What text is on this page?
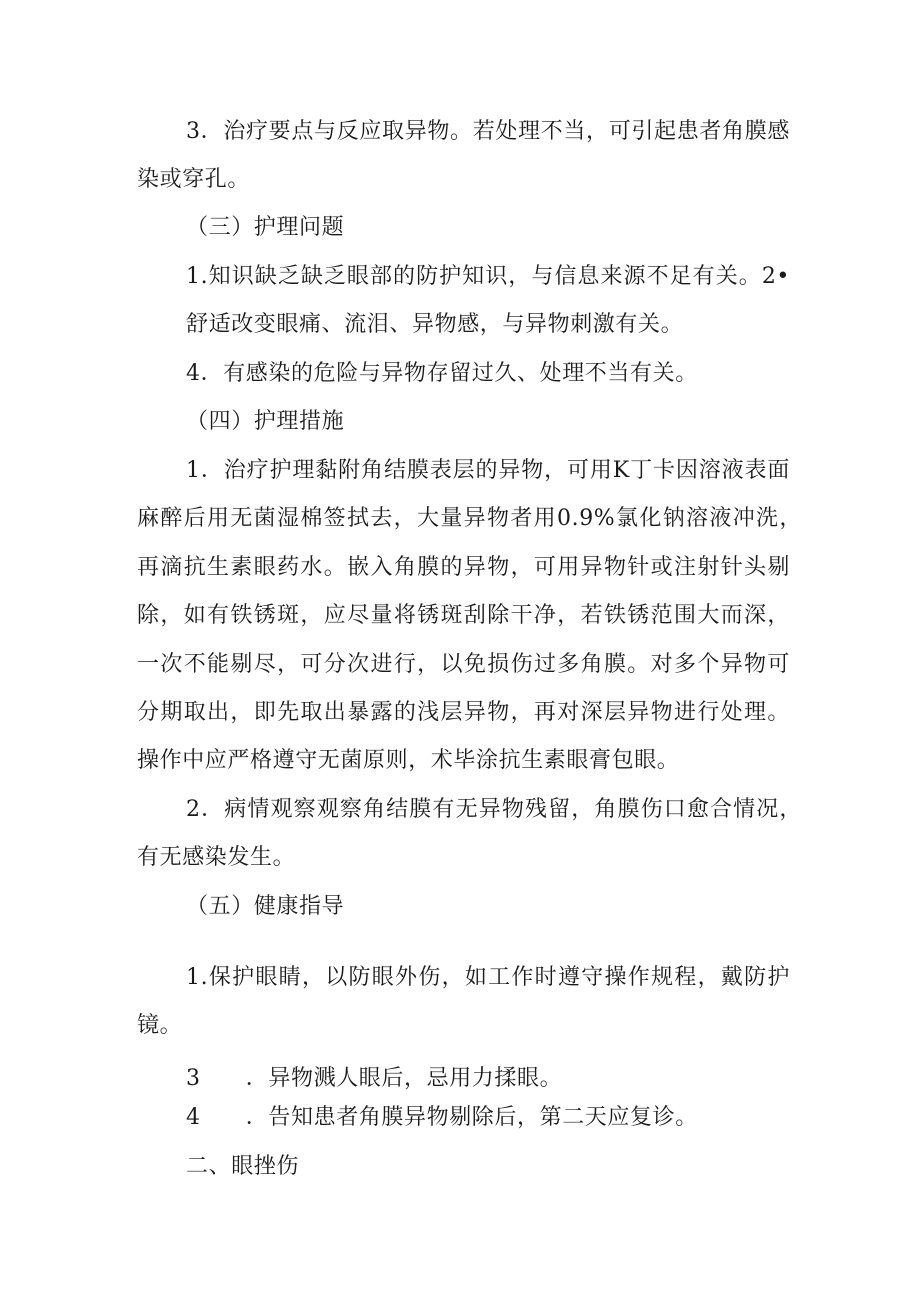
3．治疗要点与反应取异物。若处理不当，可引起患者角膜感
染或穿孔。
（三）护理问题
1.知识缺乏缺乏眼部的防护知识，与信息来源不足有关。2•
舒适改变眼痛、流泪、异物感，与异物刺激有关。
4．有感染的危险与异物存留过久、处理不当有关。
（四）护理措施
1．治疗护理黏附角结膜表层的异物，可用K丁卡因溶液表面
麻醉后用无菌湿棉签拭去，大量异物者用0.9%氯化钠溶液冲洗，
再滴抗生素眼药水。嵌入角膜的异物，可用异物针或注射针头剔
除，如有铁锈斑，应尽量将锈斑刮除干净，若铁锈范围大而深，
一次不能剔尽，可分次进行，以免损伤过多角膜。对多个异物可
分期取出，即先取出暴露的浅层异物，再对深层异物进行处理。
操作中应严格遵守无菌原则，术毕涂抗生素眼膏包眼。
2．病情观察观察角结膜有无异物残留，角膜伤口愈合情况，
有无感染发生。
（五）健康指导
1.保护眼睛，以防眼外伤，如工作时遵守操作规程，戴防护
镜。
3　　．异物溅人眼后，忌用力揉眼。
4　　．告知患者角膜异物剔除后，第二天应复诊。
二、眼挫伤
